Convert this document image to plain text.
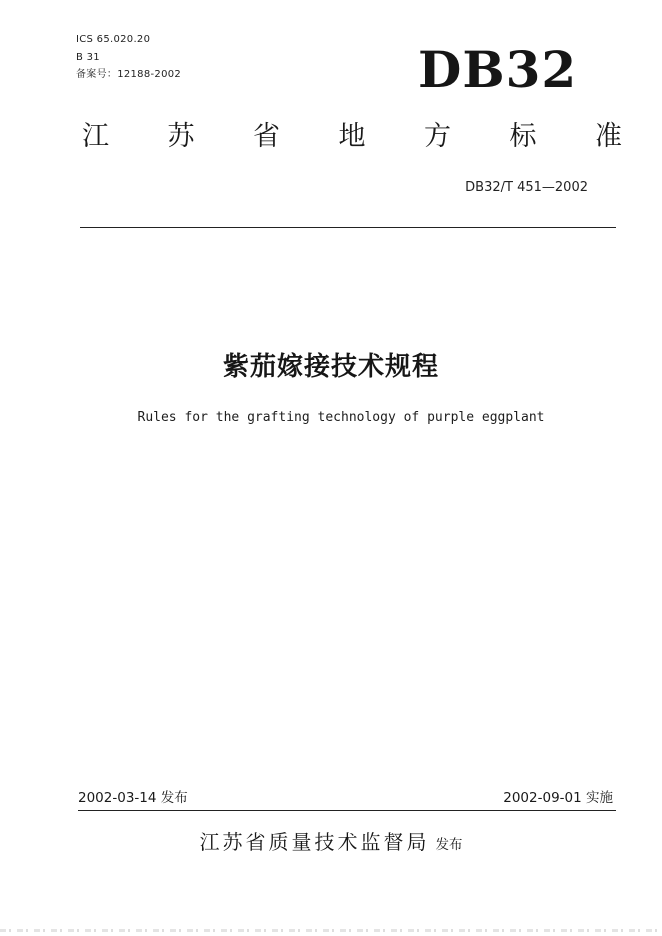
ICS 65.020.20
B 31
备案号：12188-2002	DB32
江 苏 省 地 方 标 准
DB32/T 451—2002
紫茄嫁接技术规程
Rules for the grafting technology of purple eggplant
2002-03-14 发布	2002-09-01 实施
江苏省质量技术监督局 发布
